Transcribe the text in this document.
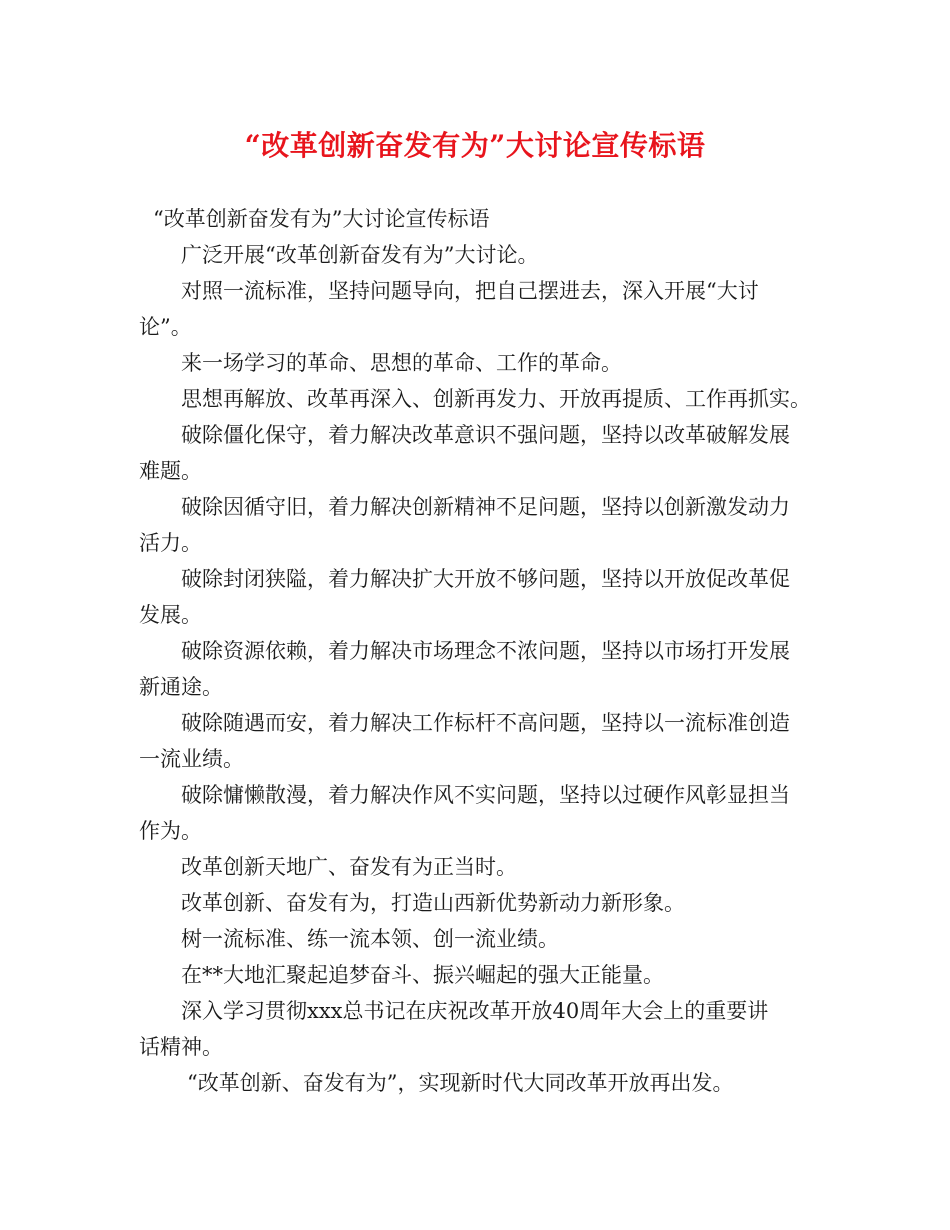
“改革创新奋发有为”大讨论宣传标语

“改革创新奋发有为”大讨论宣传标语

广泛开展“改革创新奋发有为”大讨论。

对照一流标准，坚持问题导向，把自己摆进去，深入开展“大讨
论”。

来一场学习的革命、思想的革命、工作的革命。

思想再解放、改革再深入、创新再发力、开放再提质、工作再抓实。

破除僵化保守，着力解决改革意识不强问题，坚持以改革破解发展
难题。

破除因循守旧，着力解决创新精神不足问题，坚持以创新激发动力
活力。

破除封闭狭隘，着力解决扩大开放不够问题，坚持以开放促改革促
发展。

破除资源依赖，着力解决市场理念不浓问题，坚持以市场打开发展
新通途。

破除随遇而安，着力解决工作标杆不高问题，坚持以一流标准创造
一流业绩。

破除慵懒散漫，着力解决作风不实问题，坚持以过硬作风彰显担当
作为。

改革创新天地广、奋发有为正当时。

改革创新、奋发有为，打造山西新优势新动力新形象。

树一流标准、练一流本领、创一流业绩。

在**大地汇聚起追梦奋斗、振兴崛起的强大正能量。

深入学习贯彻xxx总书记在庆祝改革开放40周年大会上的重要讲
话精神。

“改革创新、奋发有为”，实现新时代大同改革开放再出发。
